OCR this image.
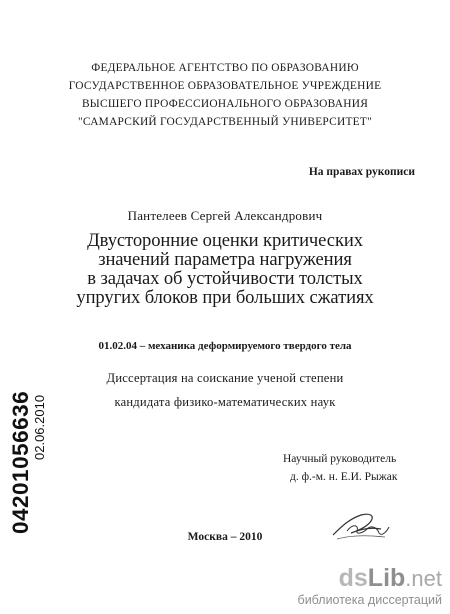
ФЕДЕРАЛЬНОЕ АГЕНТСТВО ПО ОБРАЗОВАНИЮ
ГОСУДАРСТВЕННОЕ ОБРАЗОВАТЕЛЬНОЕ УЧРЕЖДЕНИЕ
ВЫСШЕГО ПРОФЕССИОНАЛЬНОГО ОБРАЗОВАНИЯ
"САМАРСКИЙ ГОСУДАРСТВЕННЫЙ УНИВЕРСИТЕТ"
На правах рукописи
Пантелеев Сергей Александрович
Двусторонние оценки критических
значений параметра нагружения
в задачах об устойчивости толстых
упругих блоков при больших сжатиях
01.02.04 – механика деформируемого твердого тела
Диссертация на соискание ученой степени
кандидата физико-математических наук
Научный руководитель
д. ф.-м. н. Е.И. Рыжак
Москва – 2010
04201056636 02.06.2010
dsLib.net
библиотека диссертаций
